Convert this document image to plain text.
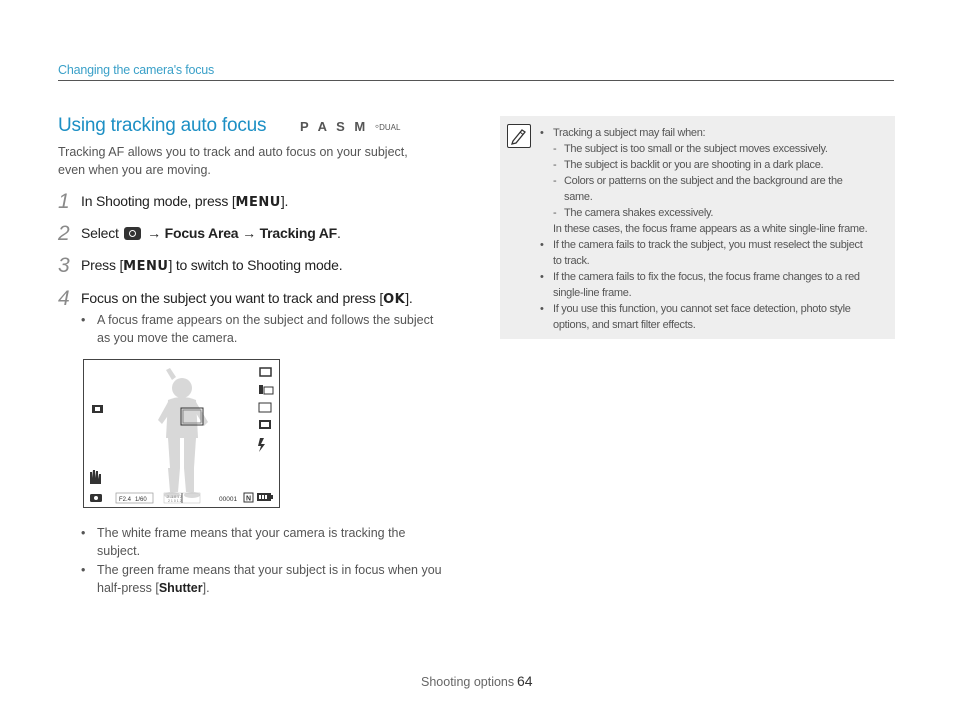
Changing the camera's focus
Using tracking auto focus	P A S M ◦DUAL
Tracking AF allows you to track and auto focus on your subject,
even when you are moving.
1 In Shooting mode, press [MENU].
2 Select → Focus Area → Tracking AF.
3 Press [MENU] to switch to Shooting mode.
4 Focus on the subject you want to track and press [OK].
• A focus frame appears on the subject and follows the subject
as you move the camera.
F2.4 1/60	-2 -1 0 1 2
2 1 0 1 2	00001 N
• The white frame means that your camera is tracking the
subject.
• The green frame means that your subject is in focus when you
half-press [Shutter].
• Tracking a subject may fail when:
- The subject is too small or the subject moves excessively.
- The subject is backlit or you are shooting in a dark place.
- Colors or patterns on the subject and the background are the
same.
- The camera shakes excessively.
In these cases, the focus frame appears as a white single-line frame.
• If the camera fails to track the subject, you must reselect the subject
to track.
• If the camera fails to fix the focus, the focus frame changes to a red
single-line frame.
• If you use this function, you cannot set face detection, photo style
options, and smart filter effects.
Shooting options 64
